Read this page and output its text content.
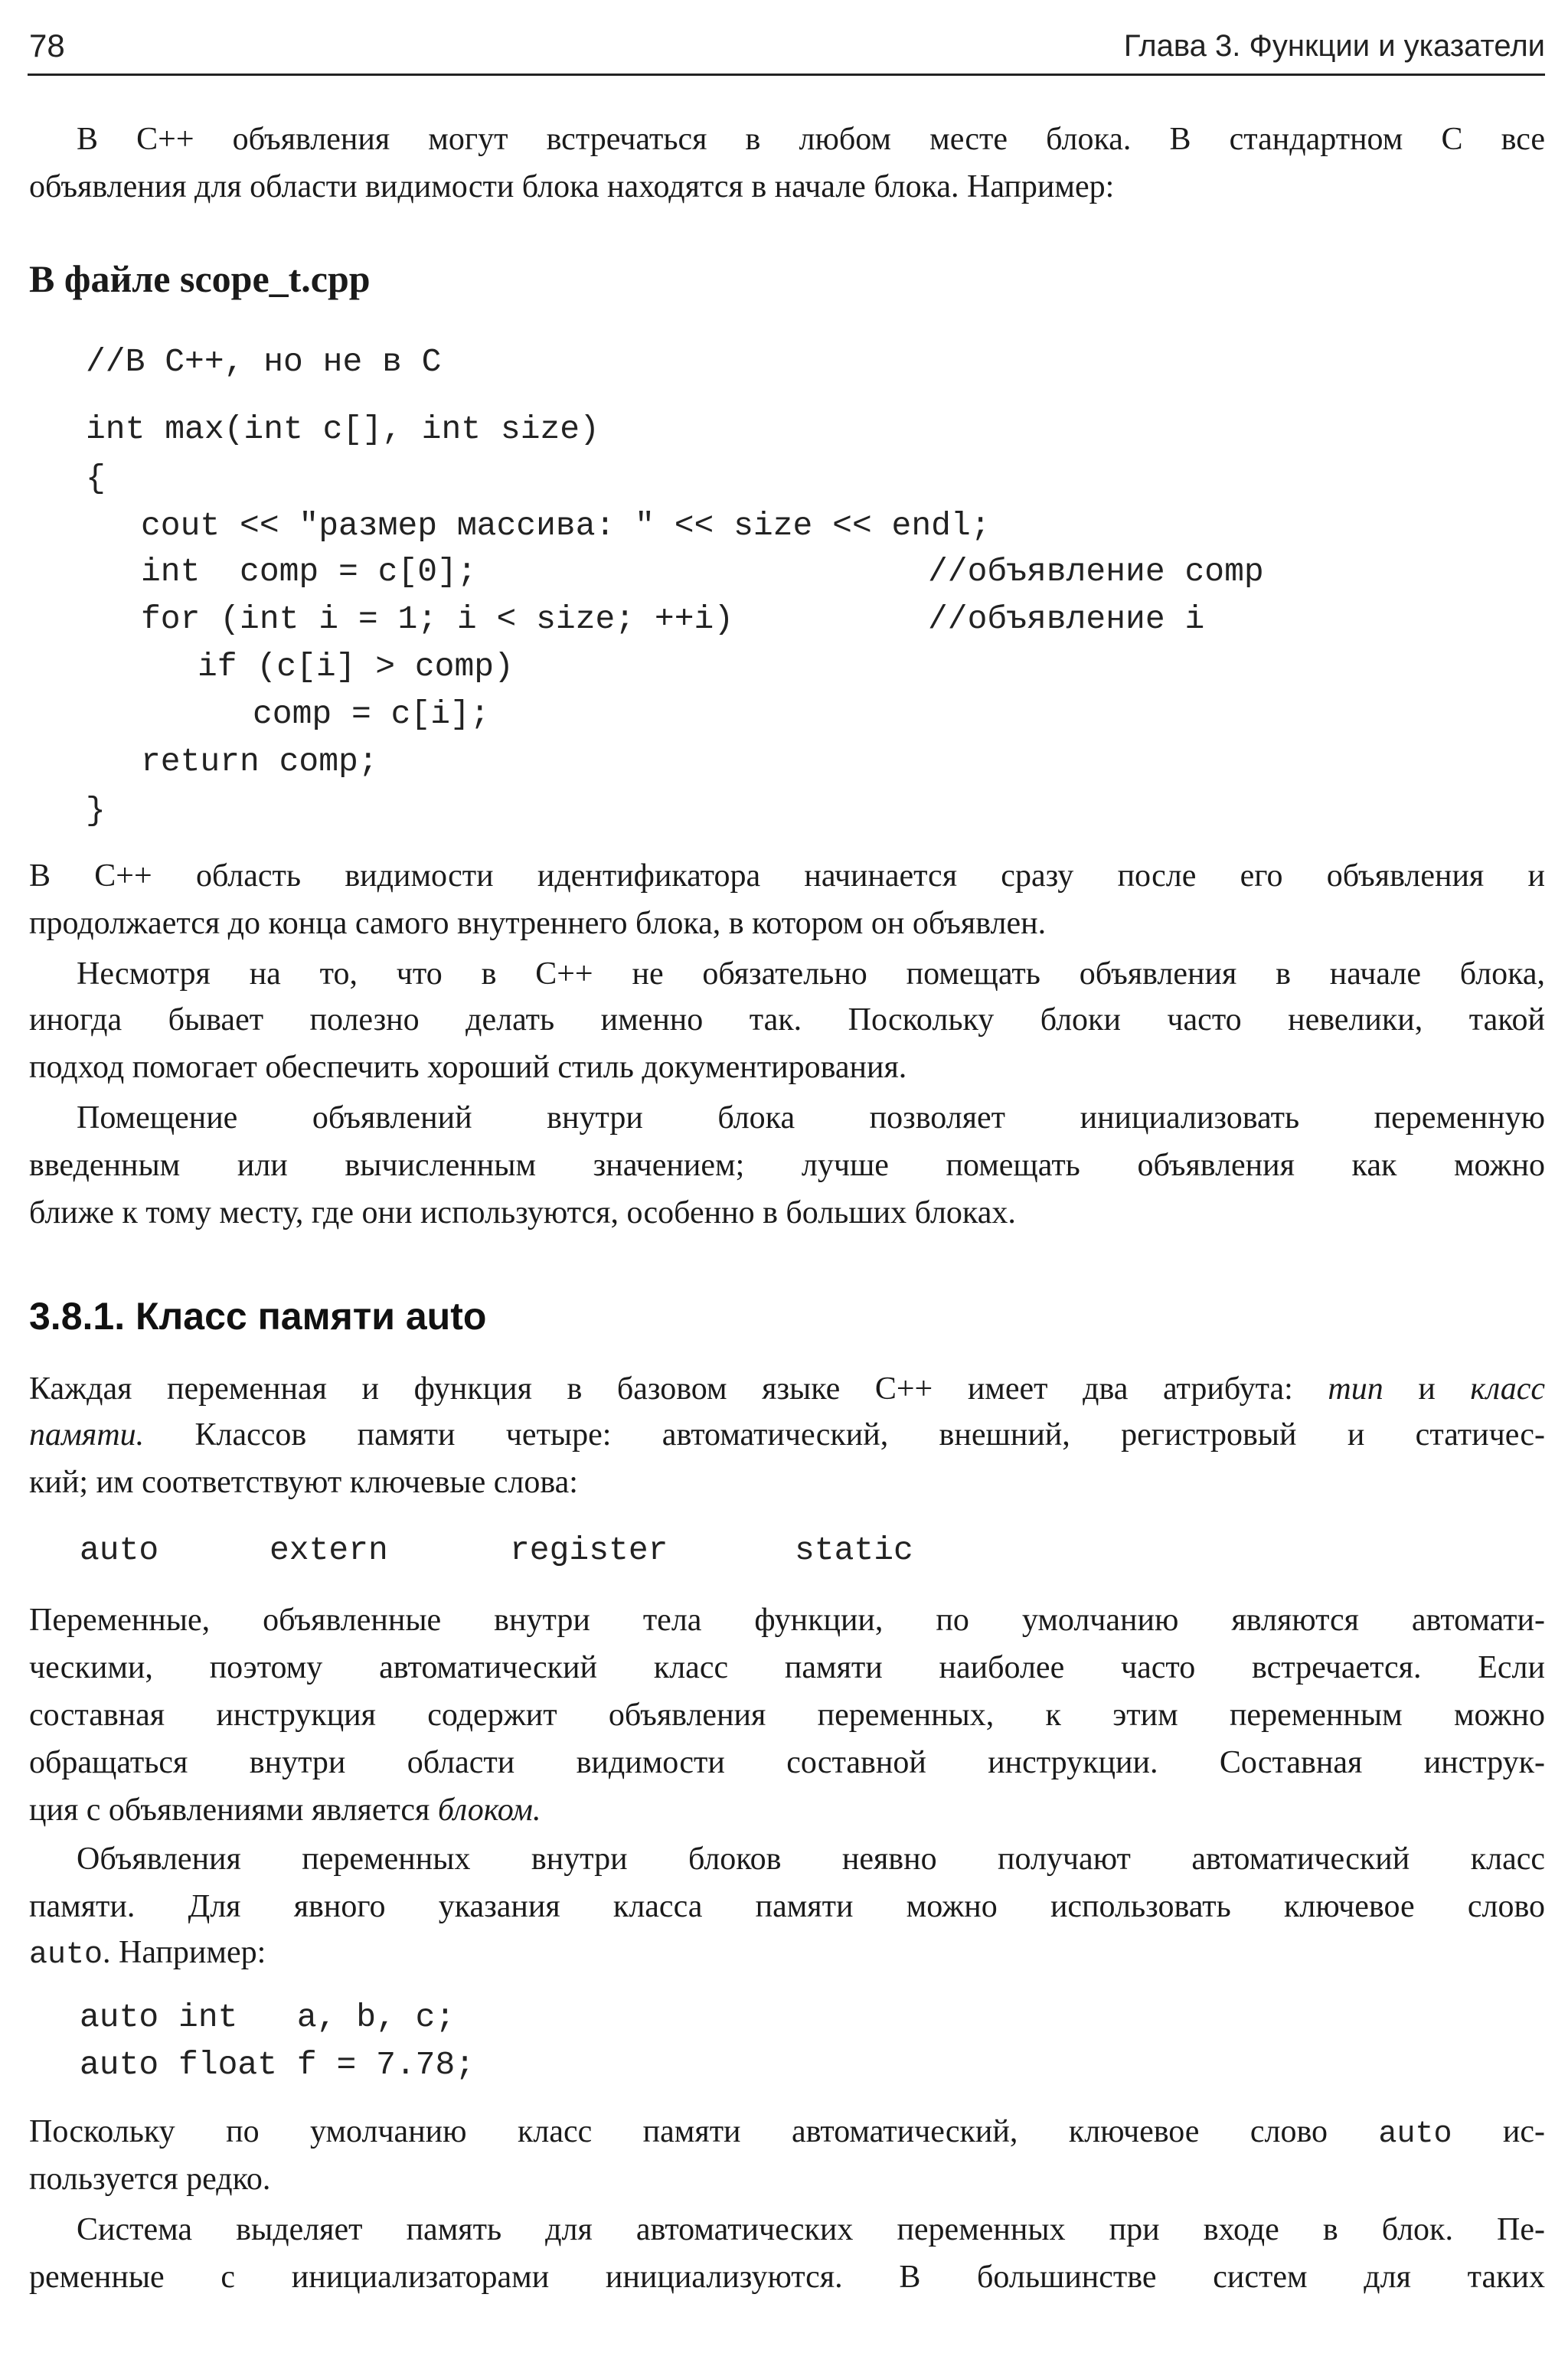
78	Глава 3. Функции и указатели
В C++ объявления могут встречаться в любом месте блока. В стандартном C все
объявления для области видимости блока находятся в начале блока. Например:
В файле scope_t.cpp
//В C++, но не в C
int max(int c[], int size)
{
cout << "размер массива: " << size << endl;
int  comp = c[0];	//объявление comp
for (int i = 1; i < size; ++i)	//объявление i
if (c[i] > comp)
comp = c[i];
return comp;
}
В C++ область видимости идентификатора начинается сразу после его объявления и
продолжается до конца самого внутреннего блока, в котором он объявлен.
Несмотря на то, что в C++ не обязательно помещать объявления в начале блока,
иногда бывает полезно делать именно так. Поскольку блоки часто невелики, такой
подход помогает обеспечить хороший стиль документирования.
Помещение объявлений внутри блока позволяет инициализовать переменную
введенным или вычисленным значением; лучше помещать объявления как можно
ближе к тому месту, где они используются, особенно в больших блоках.
3.8.1. Класс памяти auto
Каждая переменная и функция в базовом языке C++ имеет два атрибута: тип и класс
памяти. Классов памяти четыре: автоматический, внешний, регистровый и статичес-
кий; им соответствуют ключевые слова:
auto	extern	register	static
Переменные, объявленные внутри тела функции, по умолчанию являются автомати-
ческими, поэтому автоматический класс памяти наиболее часто встречается. Если
составная инструкция содержит объявления переменных, к этим переменным можно
обращаться внутри области видимости составной инструкции. Составная инструк-
ция с объявлениями является блоком.
Объявления переменных внутри блоков неявно получают автоматический класс
памяти. Для явного указания класса памяти можно использовать ключевое слово
auto. Например:
auto int   a, b, c;
auto float f = 7.78;
Поскольку по умолчанию класс памяти автоматический, ключевое слово auto ис-
пользуется редко.
Система выделяет память для автоматических переменных при входе в блок. Пе-
ременные с инициализаторами инициализуются. В большинстве систем для таких
